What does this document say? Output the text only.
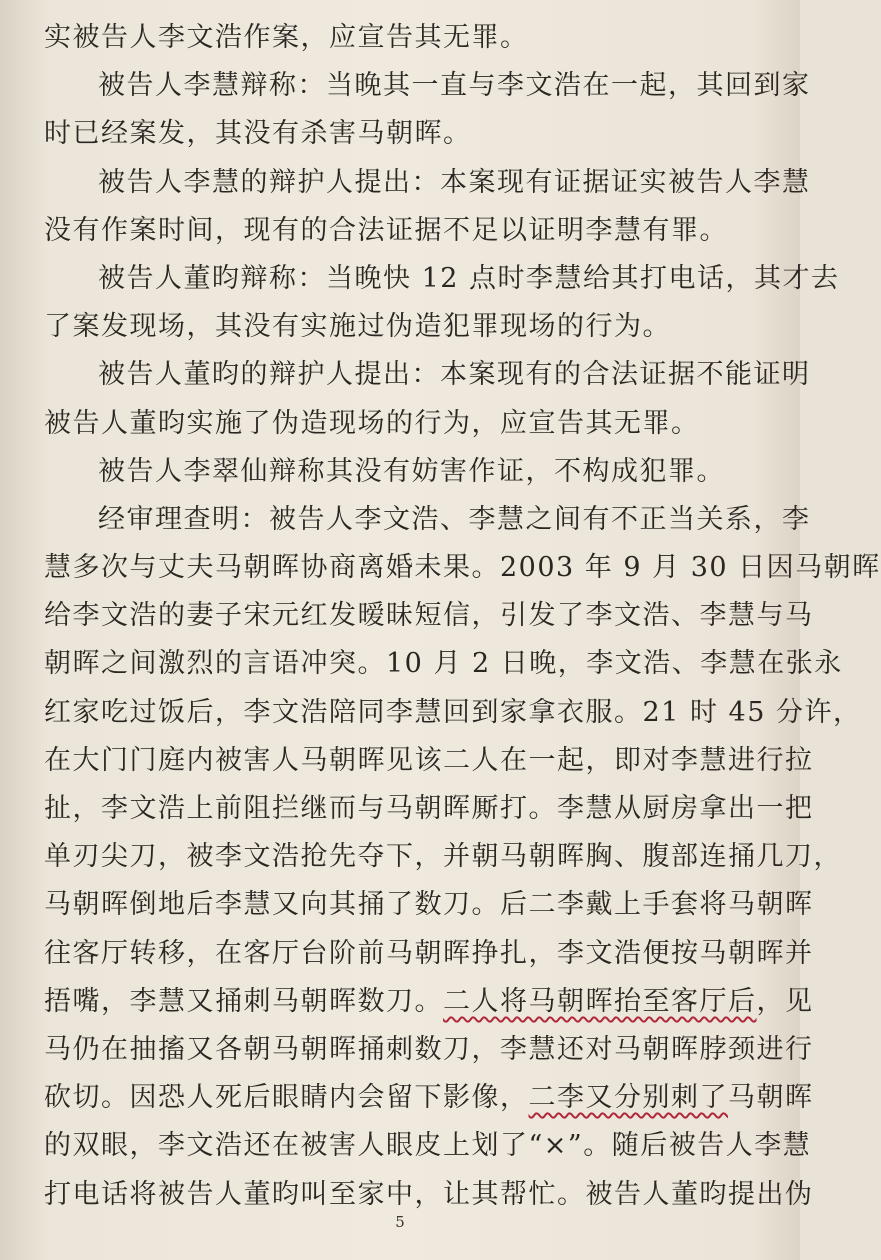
实被告人李文浩作案，应宣告其无罪。
被告人李慧辩称：当晚其一直与李文浩在一起，其回到家
时已经案发，其没有杀害马朝晖。
被告人李慧的辩护人提出：本案现有证据证实被告人李慧
没有作案时间，现有的合法证据不足以证明李慧有罪。
被告人董昀辩称：当晚快 12 点时李慧给其打电话，其才去
了案发现场，其没有实施过伪造犯罪现场的行为。
被告人董昀的辩护人提出：本案现有的合法证据不能证明
被告人董昀实施了伪造现场的行为，应宣告其无罪。
被告人李翠仙辩称其没有妨害作证，不构成犯罪。
经审理查明：被告人李文浩、李慧之间有不正当关系，李
慧多次与丈夫马朝晖协商离婚未果。2003 年 9 月 30 日因马朝晖
给李文浩的妻子宋元红发暧昧短信，引发了李文浩、李慧与马
朝晖之间激烈的言语冲突。10 月 2 日晚，李文浩、李慧在张永
红家吃过饭后，李文浩陪同李慧回到家拿衣服。21 时 45 分许，
在大门门庭内被害人马朝晖见该二人在一起，即对李慧进行拉
扯，李文浩上前阻拦继而与马朝晖厮打。李慧从厨房拿出一把
单刃尖刀，被李文浩抢先夺下，并朝马朝晖胸、腹部连捅几刀，
马朝晖倒地后李慧又向其捅了数刀。后二李戴上手套将马朝晖
往客厅转移，在客厅台阶前马朝晖挣扎，李文浩便按马朝晖并
捂嘴，李慧又捅刺马朝晖数刀。二人将马朝晖抬至客厅后，见
马仍在抽搐又各朝马朝晖捅刺数刀，李慧还对马朝晖脖颈进行
砍切。因恐人死后眼睛内会留下影像，二李又分别刺了马朝晖
的双眼，李文浩还在被害人眼皮上划了“×”。随后被告人李慧
打电话将被告人董昀叫至家中，让其帮忙。被告人董昀提出伪
5
